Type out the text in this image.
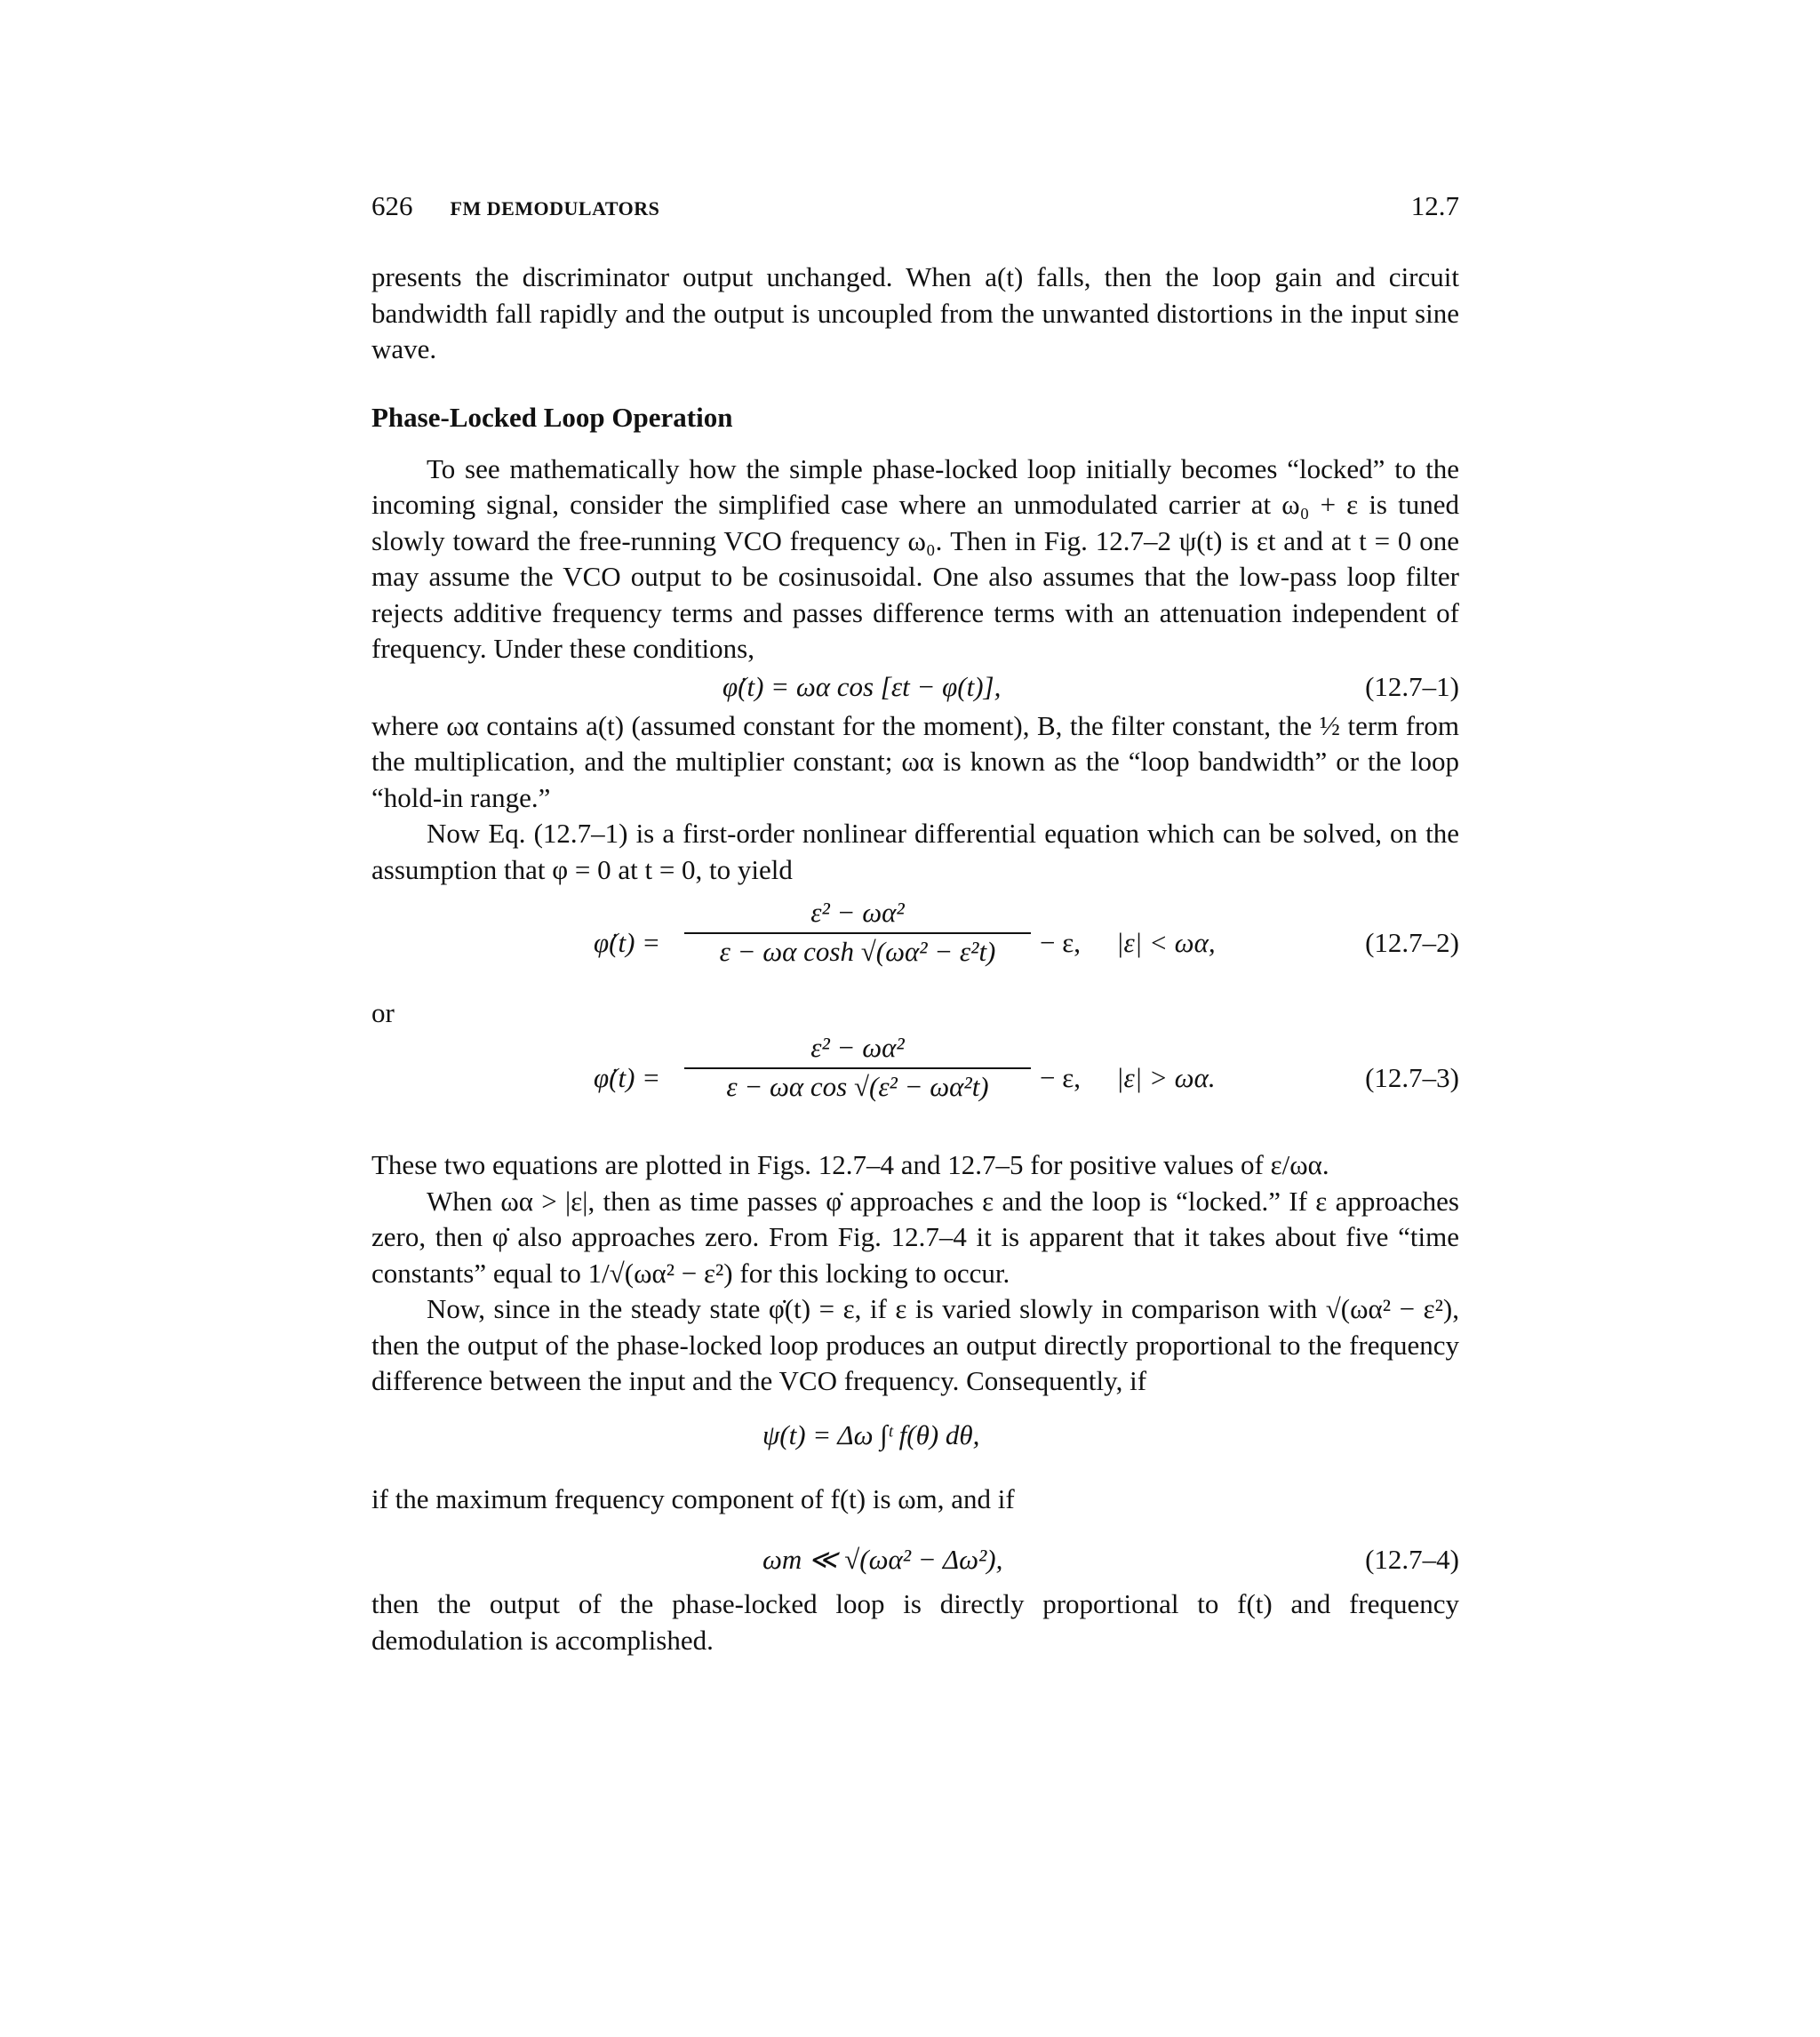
626 FM DEMODULATORS	12.7

presents the discriminator output unchanged. When a(t) falls, then the loop gain and circuit bandwidth fall rapidly and the output is uncoupled from the unwanted distortions in the input sine wave.

Phase-Locked Loop Operation

To see mathematically how the simple phase-locked loop initially becomes “locked” to the incoming signal, consider the simplified case where an unmodulated carrier at ω₀ + ε is tuned slowly toward the free-running VCO frequency ω₀. Then in Fig. 12.7–2 ψ(t) is εt and at t = 0 one may assume the VCO output to be cosinusoidal. One also assumes that the low-pass loop filter rejects additive frequency terms and passes difference terms with an attenuation independent of frequency. Under these conditions,

φ̇(t) = ωα cos [εt − φ(t)],	(12.7–1)

where ωα contains a(t) (assumed constant for the moment), B, the filter constant, the ½ term from the multiplication, and the multiplier constant; ωα is known as the “loop bandwidth” or the loop “hold-in range.”

Now Eq. (12.7–1) is a first-order nonlinear differential equation which can be solved, on the assumption that φ = 0 at t = 0, to yield

φ̇(t) = $\frac{\text{ε² − ωα²}}{\text{ε − ωα cosh √(ωα² − ε²t)}} - \varepsilon$, |ε| < ωα,	(12.7–2)
or
φ̇(t) = $\frac{\text{ε² − ωα²}}{\text{ε − ωα cos √(ε² − ωα²t)}} - \varepsilon$, |ε| > ωα.	(12.7–3)

These two equations are plotted in Figs. 12.7–4 and 12.7–5 for positive values of ε/ωα.

When ωα > |ε|, then as time passes φ̇ approaches ε and the loop is “locked.” If ε approaches zero, then φ̇ also approaches zero. From Fig. 12.7–4 it is apparent that it takes about five “time constants” equal to 1/√(ωα² − ε²) for this locking to occur.

Now, since in the steady state φ̇(t) = ε, if ε is varied slowly in comparison with √(ωα² − ε²), then the output of the phase-locked loop produces an output directly proportional to the frequency difference between the input and the VCO frequency. Consequently, if

ψ(t) = Δω ∫ᵗ f(θ) dθ,

if the maximum frequency component of f(t) is ωm, and if

ωm ≪ √(ωα² − Δω²),	(12.7–4)

then the output of the phase-locked loop is directly proportional to f(t) and frequency demodulation is accomplished.
